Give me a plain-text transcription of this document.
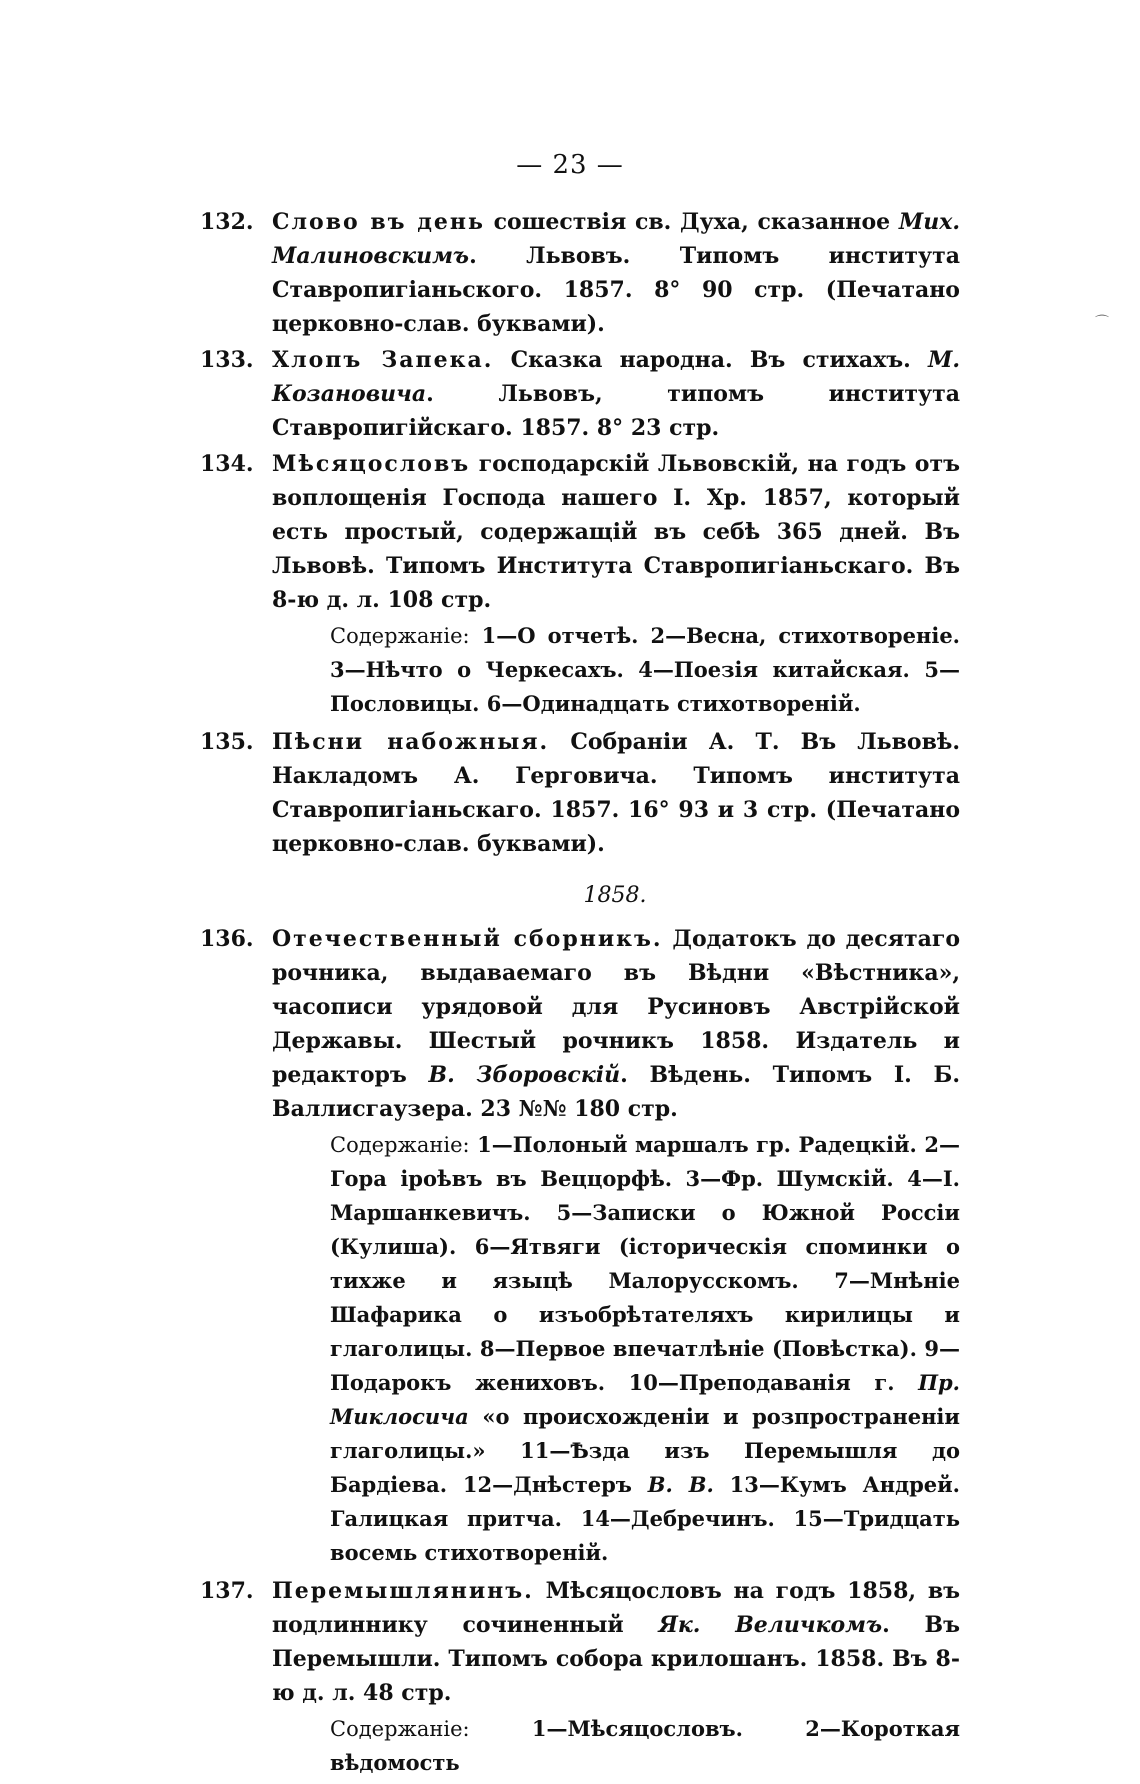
— 23 —
⌒
132. Слово въ день сошествія св. Духа, сказанное Мих. Малиновскимъ. Львовъ. Типомъ института Ставропигіаньского. 1857. 8° 90 стр. (Печатано церковно-слав. буквами).
133. Хлопъ Запека. Сказка народна. Въ стихахъ. М. Козановича. Львовъ, типомъ института Ставропигійскаго. 1857. 8° 23 стр.
134. Мѣсяцословъ господарскій Львовскій, на годъ отъ воплощенія Господа нашего І. Хр. 1857, который есть простый, содержащій въ себѣ 365 дней. Въ Львовѣ. Типомъ Института Ставропигіаньскаго. Въ 8-ю д. л. 108 стр.
Содержаніе: 1—О отчетѣ. 2—Весна, стихотвореніе. 3—Нѣчто о Черкесахъ. 4—Поезія китайская. 5—Пословицы. 6—Одинадцать стихотвореній.
135. Пѣсни набожныя. Собраніи А. Т. Въ Львовѣ. Накладомъ А. Герговича. Типомъ института Ставропигіаньскаго. 1857. 16° 93 и 3 стр. (Печатано церковно-слав. буквами).
1858.
136. Отечественный сборникъ. Додатокъ до десятаго рочника, выдаваемаго въ Вѣдни «Вѣстника», часописи урядовой для Русиновъ Австрійской Державы. Шестый рочникъ 1858. Издатель и редакторъ В. Зборовскій. Вѣдень. Типомъ І. Б. Валлисгаузера. 23 №№ 180 стр.
Содержаніе: 1—Полоный маршалъ гр. Радецкій. 2—Гора іроѣвъ въ Веццорфѣ. 3—Фр. Шумскій. 4—І. Маршанкевичъ. 5—Записки о Южной Россіи (Кулиша). 6—Ятвяги (історическія споминки о тихже и языцѣ Малорусскомъ. 7—Мнѣніе Шафарика о изъобрѣтателяхъ кирилицы и глаголицы. 8—Первое впечатлѣніе (Повѣстка). 9—Подарокъ жениховъ. 10—Преподаванія г. Пр. Миклосича «о происхожденіи и розпространеніи глаголицы.» 11—Ѣзда изъ Перемышля до Бардіева. 12—Днѣстеръ В. В. 13—Кумъ Андрей. Галицкая притча. 14—Дебречинъ. 15—Тридцать восемь стихотвореній.
137. Перемышлянинъ. Мѣсяцословъ на годъ 1858, въ подлиннику сочиненный Як. Величкомъ. Въ Перемышли. Типомъ собора крилошанъ. 1858. Въ 8-ю д. л. 48 стр.
Содержаніе: 1—Мѣсяцословъ. 2—Короткая вѣдомость
